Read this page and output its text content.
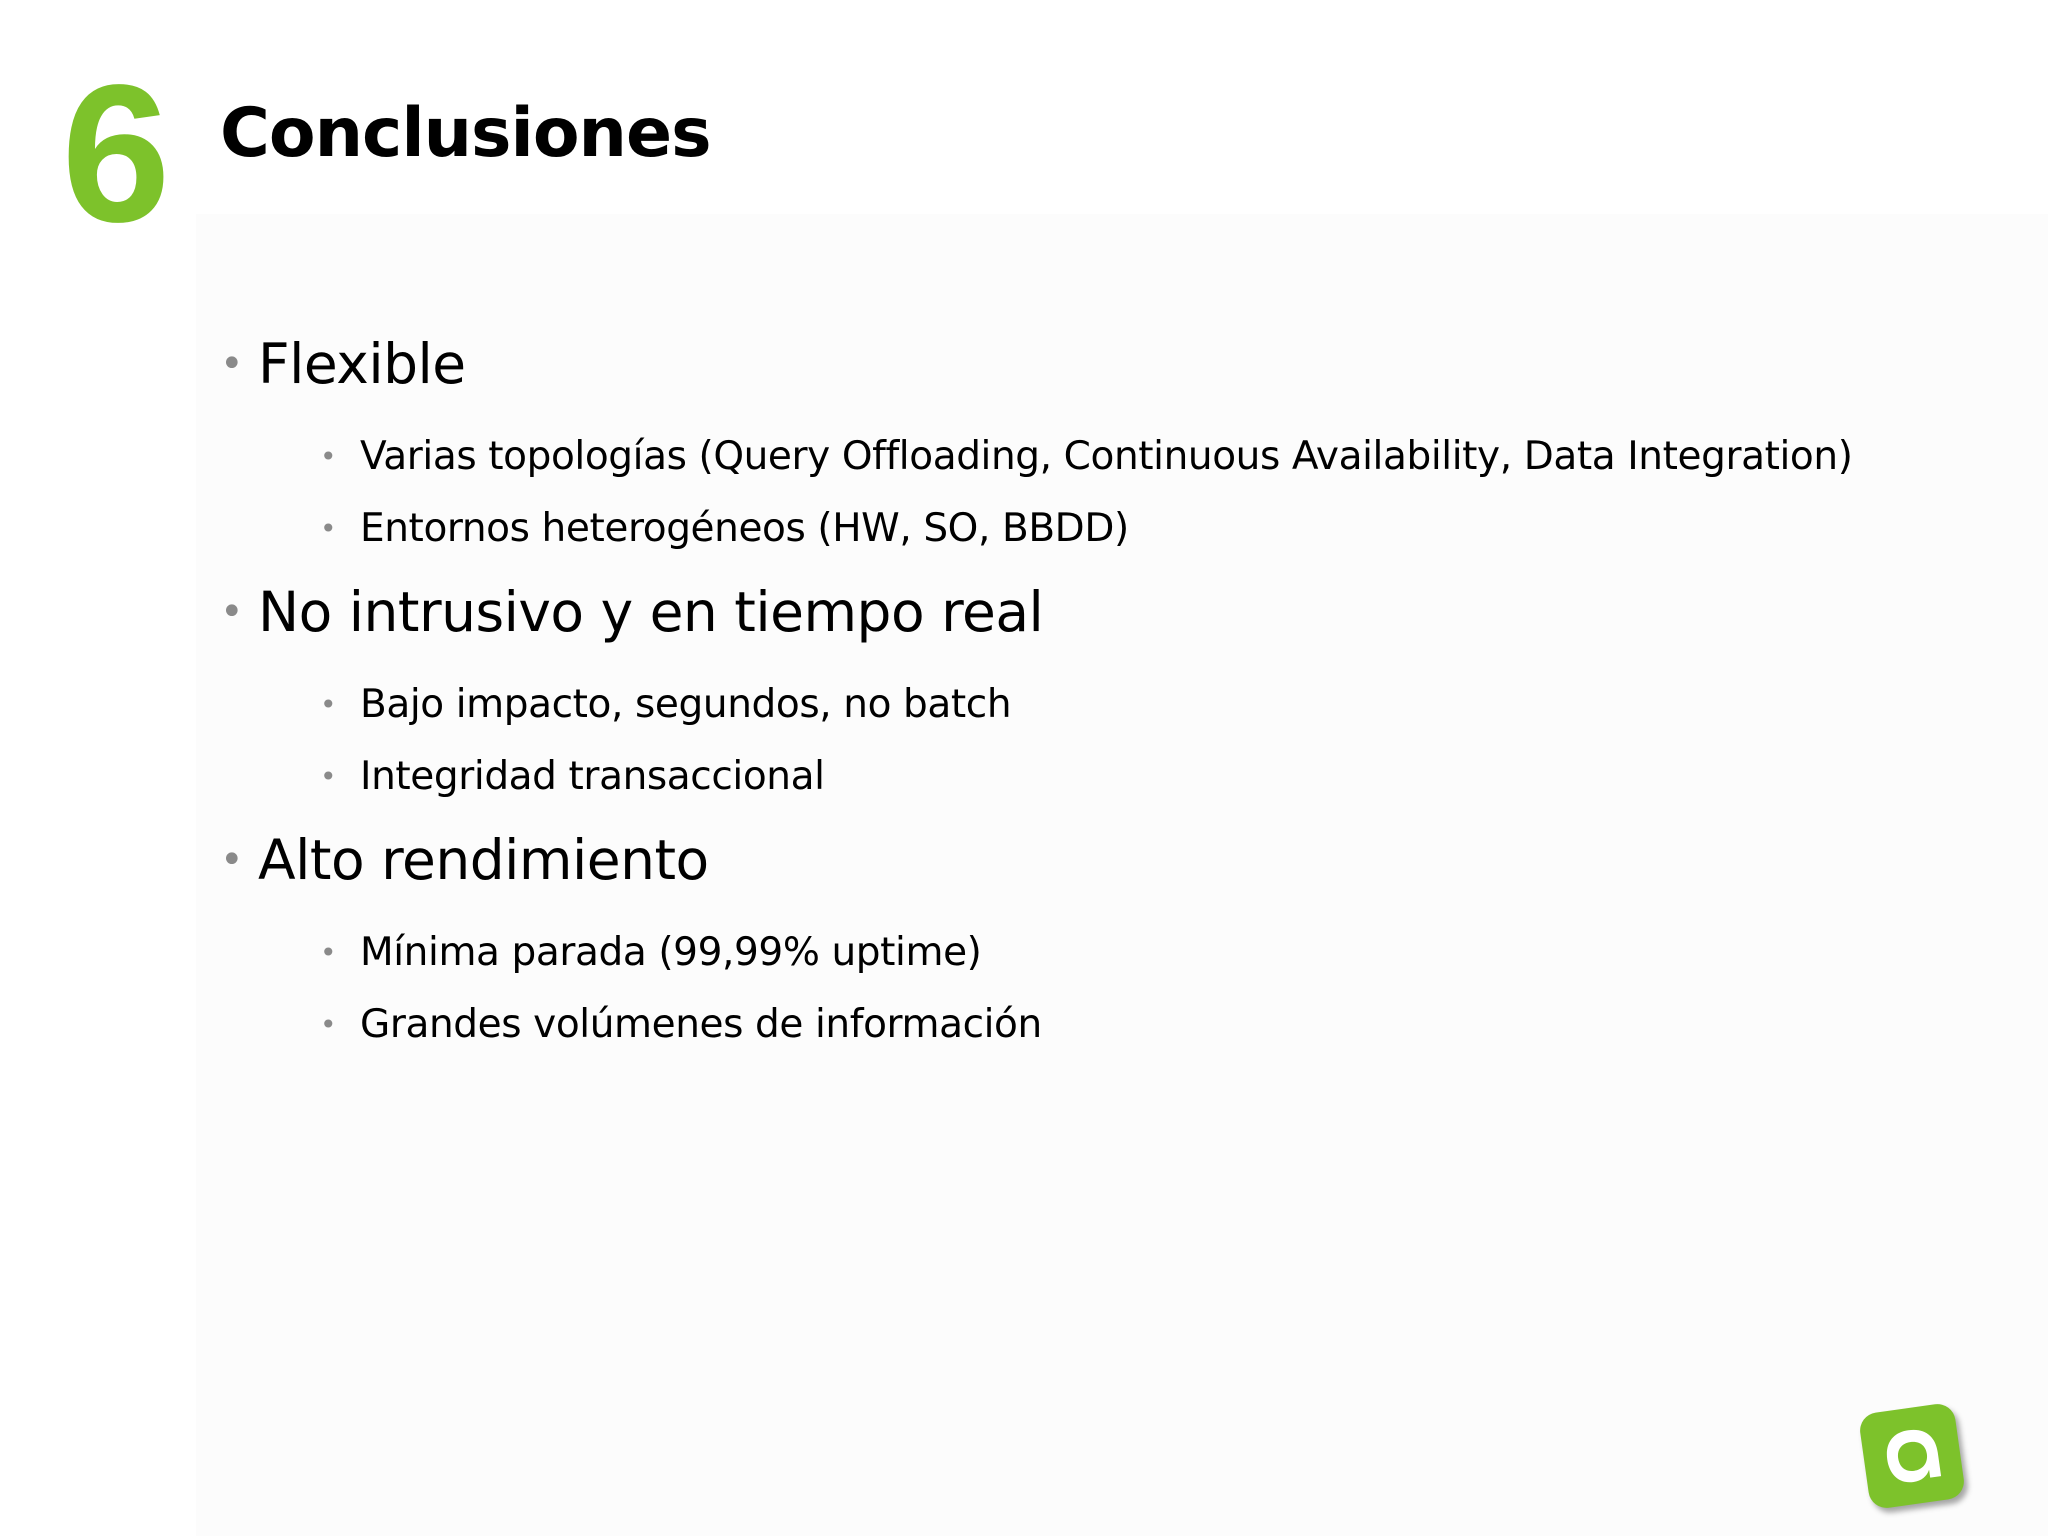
6 Conclusiones
• Flexible
• Varias topologías (Query Offloading, Continuous Availability, Data Integration)
• Entornos heterogéneos (HW, SO, BBDD)
• No intrusivo y en tiempo real
• Bajo impacto, segundos, no batch
• Integridad transaccional
• Alto rendimiento
• Mínima parada (99,99% uptime)
• Grandes volúmenes de información
